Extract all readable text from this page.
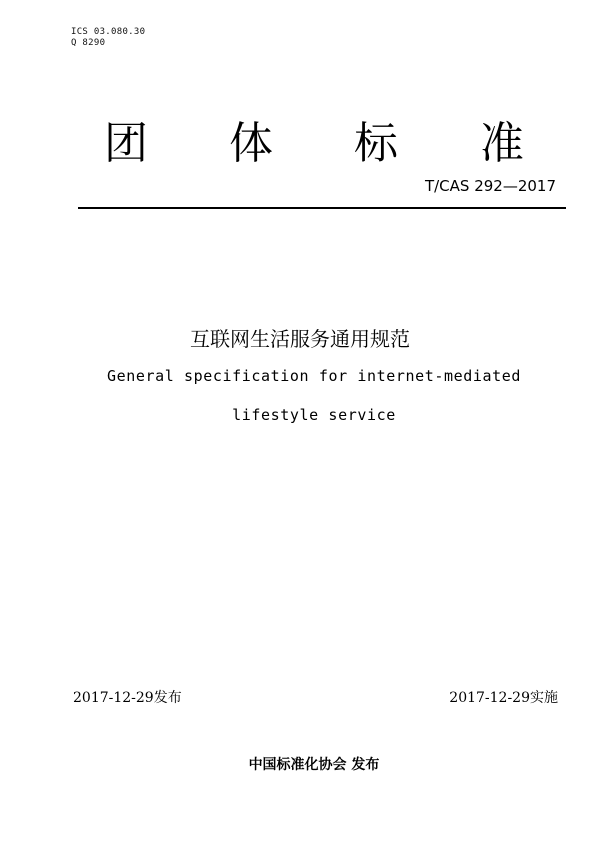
ICS 03.080.30
Q 8290
团 体 标 准
T/CAS 292—2017
互联网生活服务通用规范
General specification for internet-mediated
lifestyle service
2017-12-29发布	2017-12-29实施
中国标准化协会 发布
